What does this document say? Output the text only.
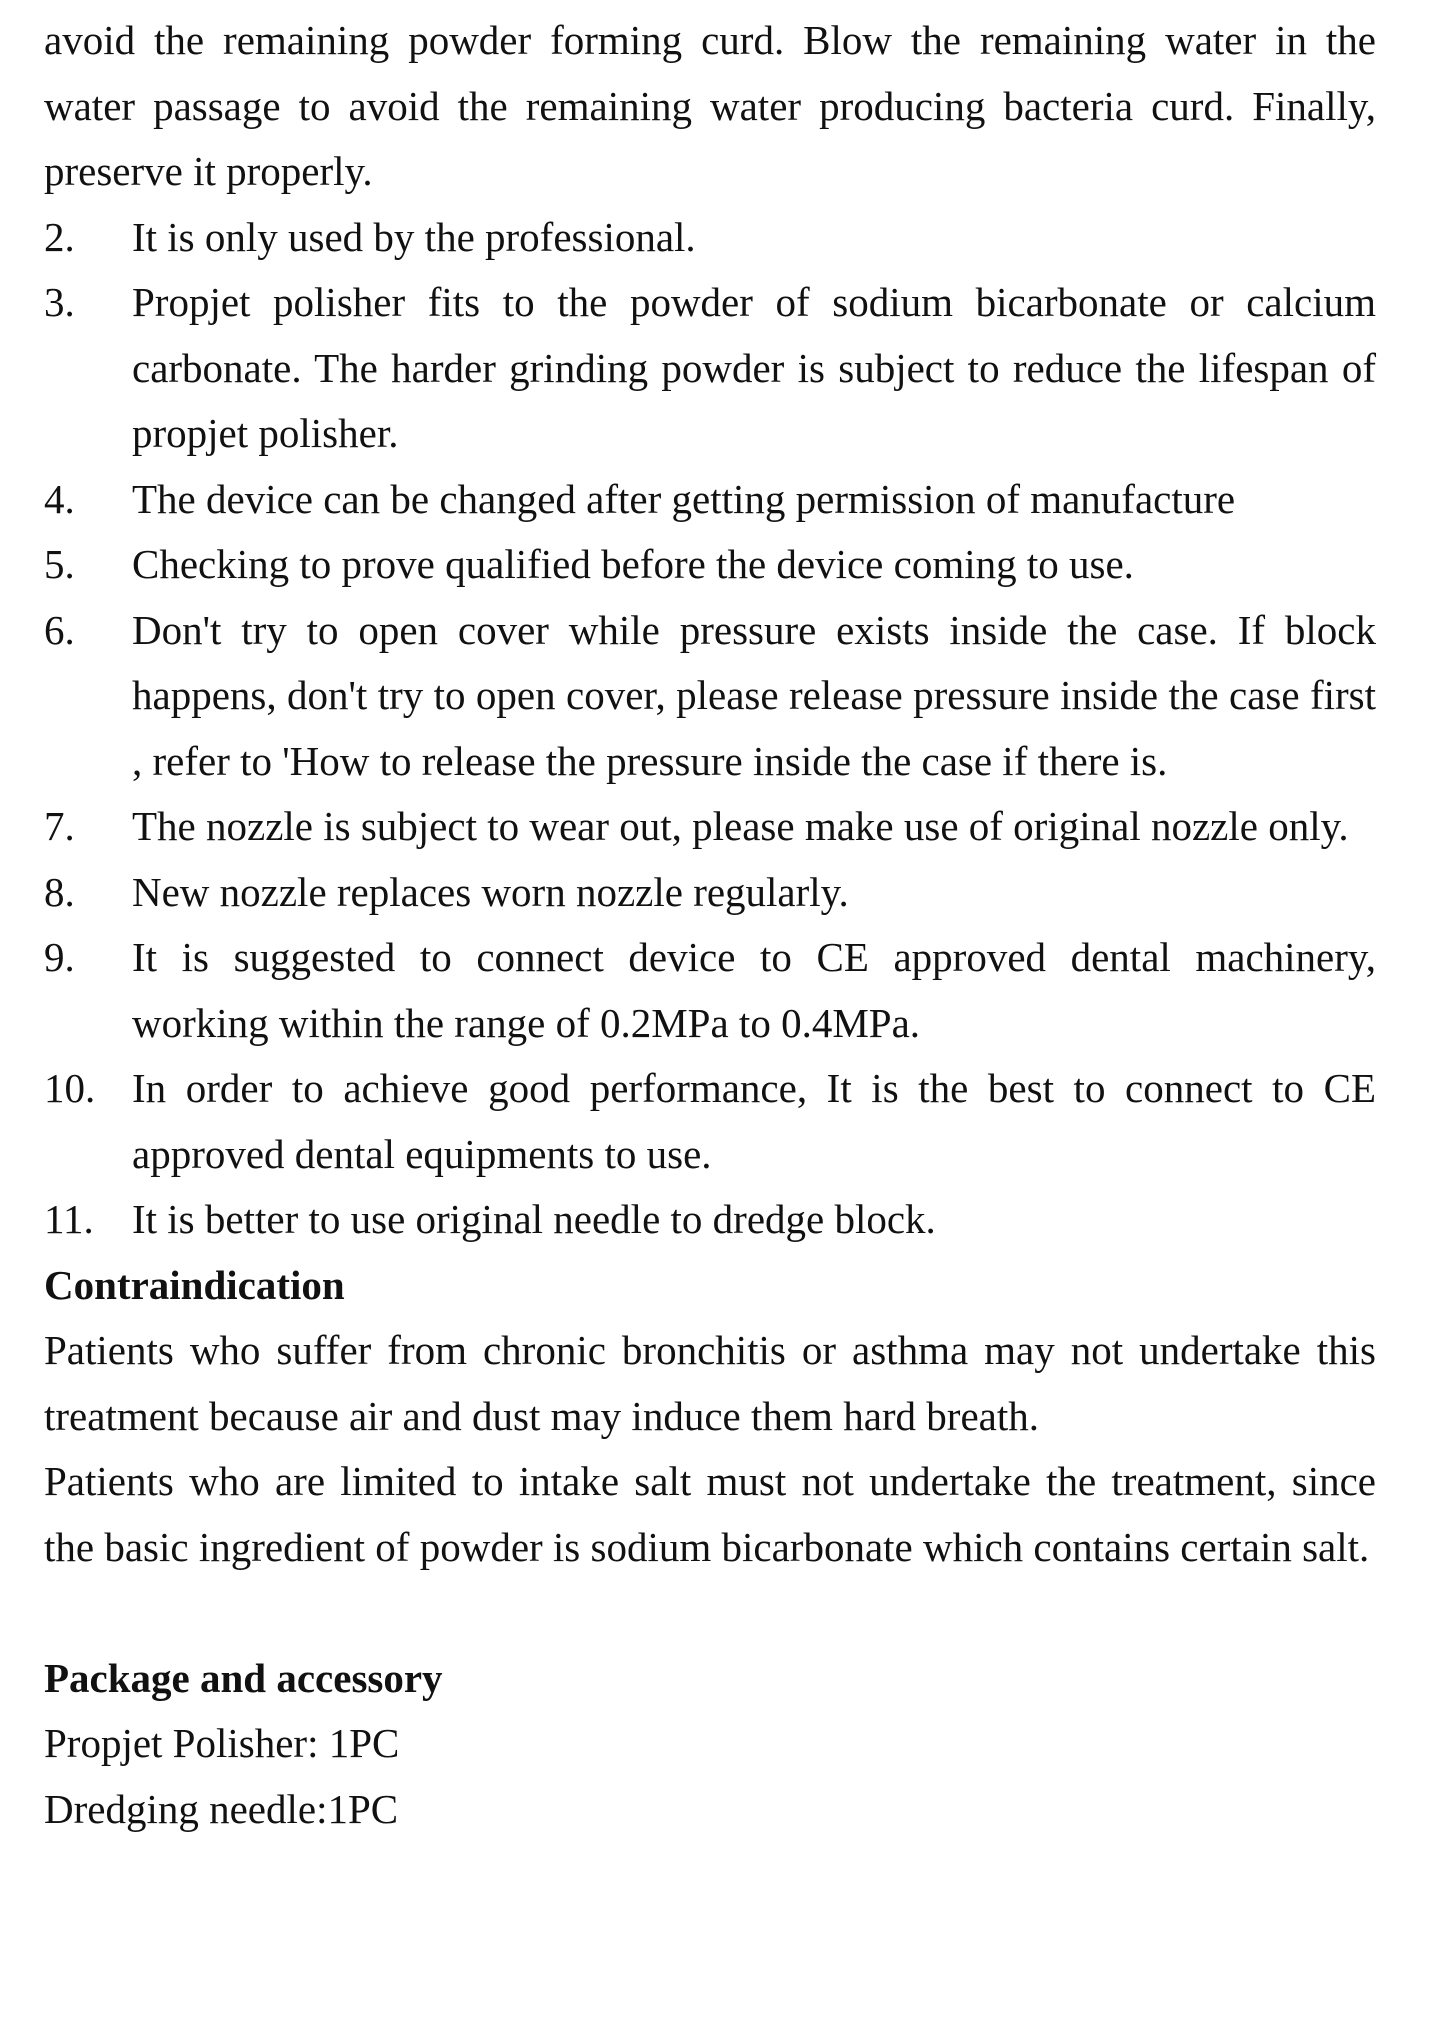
avoid the remaining powder forming curd. Blow the remaining water in the water passage to avoid the remaining water producing bacteria curd. Finally, preserve it properly.

2.	It is only used by the professional.
3.	Propjet polisher fits to the powder of sodium bicarbonate or calcium carbonate. The harder grinding powder is subject to reduce the lifespan of propjet polisher.
4.	The device can be changed after getting permission of manufacture
5.	Checking to prove qualified before the device coming to use.
6.	Don't try to open cover while pressure exists inside the case. If block happens, don't try to open cover, please release pressure inside the case first , refer to 'How to release the pressure inside the case if there is.
7.	The nozzle is subject to wear out, please make use of original nozzle only.
8.	New nozzle replaces worn nozzle regularly.
9.	It is suggested to connect device to CE approved dental machinery, working within the range of 0.2MPa to 0.4MPa.
10. In order to achieve good performance, It is the best to connect to CE approved dental equipments to use.
11. It is better to use original needle to dredge block.
Contraindication

Patients who suffer from chronic bronchitis or asthma may not undertake this treatment because air and dust may induce them hard breath.

Patients who are limited to intake salt must not undertake the treatment, since the basic ingredient of powder is sodium bicarbonate which contains certain salt.

Package and accessory
Propjet Polisher: 1PC
Dredging needle:1PC
